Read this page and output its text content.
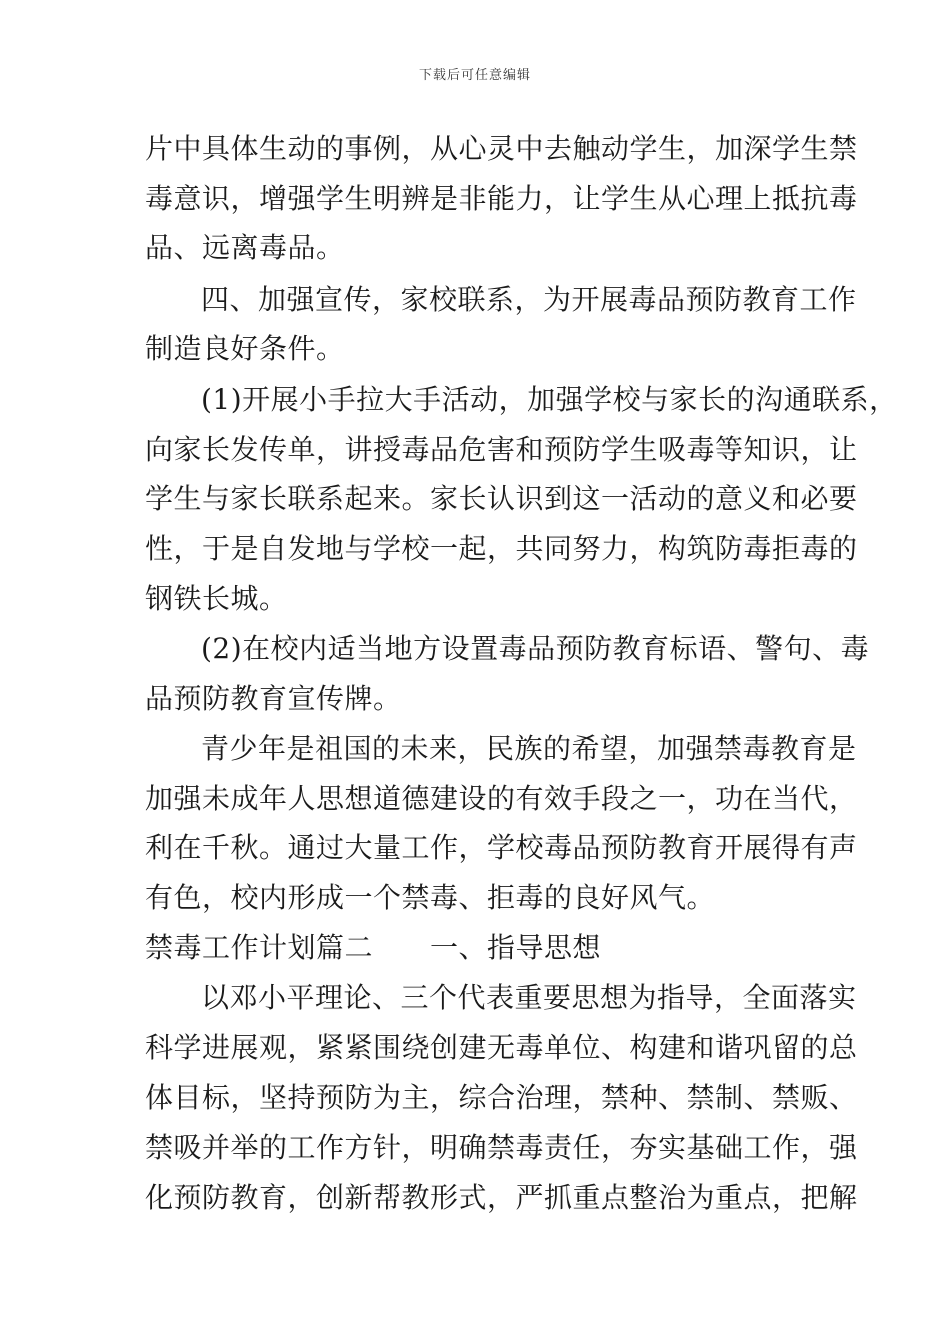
下载后可任意编辑
片中具体生动的事例，从心灵中去触动学生，加深学生禁
毒意识，增强学生明辨是非能力，让学生从心理上抵抗毒
品、远离毒品。
四、加强宣传，家校联系，为开展毒品预防教育工作
制造良好条件。
(1)开展小手拉大手活动，加强学校与家长的沟通联系，
向家长发传单，讲授毒品危害和预防学生吸毒等知识，让
学生与家长联系起来。家长认识到这一活动的意义和必要
性，于是自发地与学校一起，共同努力，构筑防毒拒毒的
钢铁长城。
(2)在校内适当地方设置毒品预防教育标语、警句、毒
品预防教育宣传牌。
青少年是祖国的未来，民族的希望，加强禁毒教育是
加强未成年人思想道德建设的有效手段之一，功在当代，
利在千秋。通过大量工作，学校毒品预防教育开展得有声
有色，校内形成一个禁毒、拒毒的良好风气。
禁毒工作计划篇二　　一、指导思想
以邓小平理论、三个代表重要思想为指导，全面落实
科学进展观，紧紧围绕创建无毒单位、构建和谐巩留的总
体目标，坚持预防为主，综合治理，禁种、禁制、禁贩、
禁吸并举的工作方针，明确禁毒责任，夯实基础工作，强
化预防教育，创新帮教形式，严抓重点整治为重点，把解
